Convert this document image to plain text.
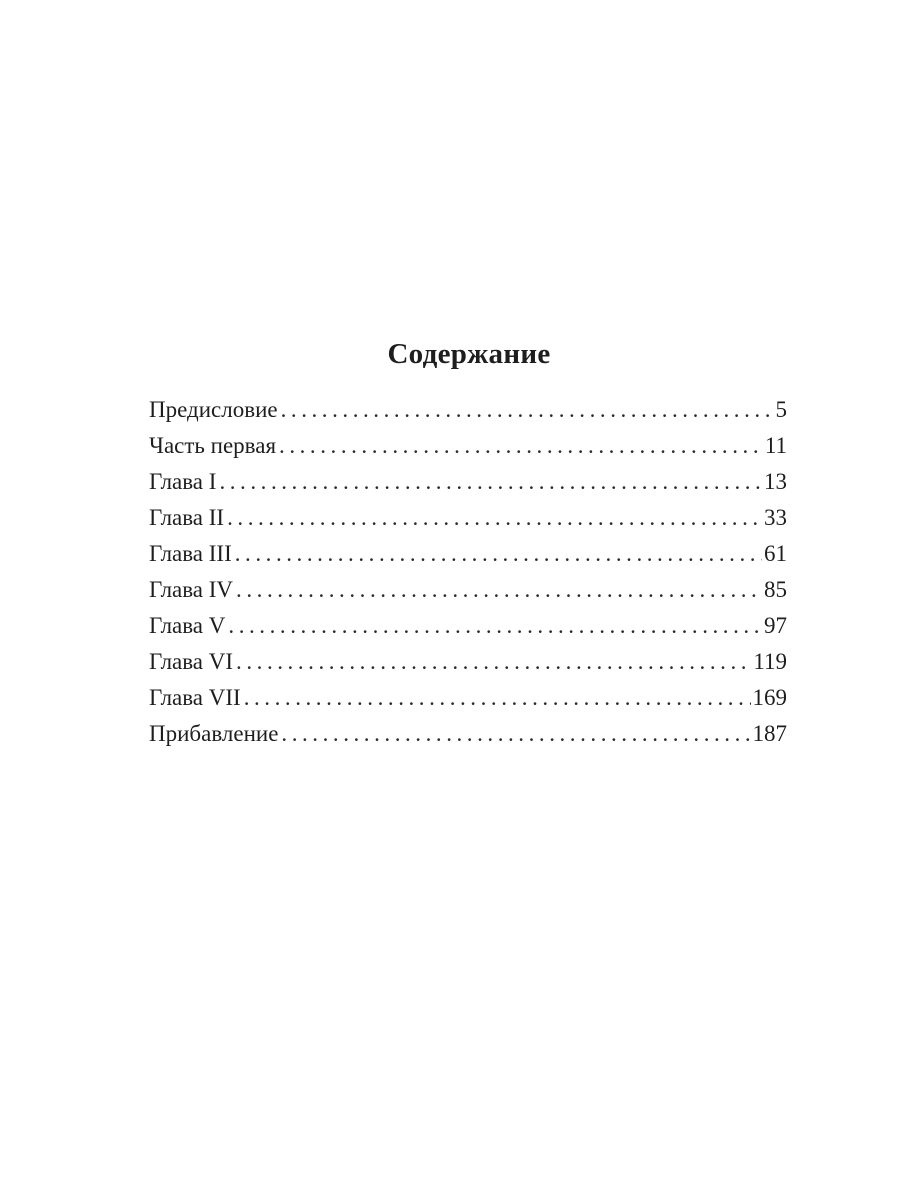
Содержание
Предисловие . . .	5
Часть первая . . .	11
Глава I . . .	13
Глава II . . .	33
Глава III . . .	61
Глава IV . . .	85
Глава V . . .	97
Глава VI . . .	119
Глава VII . . .	169
Прибавление . . .	187
